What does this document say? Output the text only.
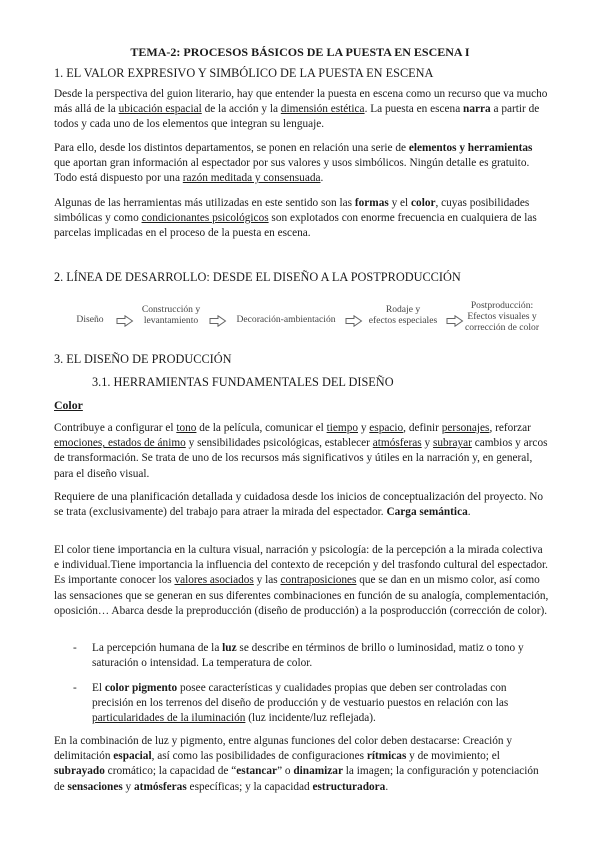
TEMA-2: PROCESOS BÁSICOS DE LA PUESTA EN ESCENA I
1. EL VALOR EXPRESIVO Y SIMBÓLICO DE LA PUESTA EN ESCENA

Desde la perspectiva del guion literario, hay que entender la puesta en escena como un recurso que va mucho más allá de la ubicación espacial de la acción y la dimensión estética. La puesta en escena narra a partir de todos y cada uno de los elementos que integran su lenguaje.

Para ello, desde los distintos departamentos, se ponen en relación una serie de elementos y herramientas que aportan gran información al espectador por sus valores y usos simbólicos. Ningún detalle es gratuito. Todo está dispuesto por una razón meditada y consensuada.

Algunas de las herramientas más utilizadas en este sentido son las formas y el color, cuyas posibilidades simbólicas y como condicionantes psicológicos son explotados con enorme frecuencia en cualquiera de las parcelas implicadas en el proceso de la puesta en escena.

2. LÍNEA DE DESARROLLO: DESDE EL DISEÑO A LA POSTPRODUCCIÓN
Diseño
Construcción y
levantamiento	Decoración-ambientación
Rodaje y
efectos especiales
Postproducción:
Efectos visuales y
corrección de color
3. EL DISEÑO DE PRODUCCIÓN
3.1. HERRAMIENTAS FUNDAMENTALES DEL DISEÑO
Color

Contribuye a configurar el tono de la película, comunicar el tiempo y espacio, definir personajes, reforzar emociones, estados de ánimo y sensibilidades psicológicas, establecer atmósferas y subrayar cambios y arcos de transformación. Se trata de uno de los recursos más significativos y útiles en la narración y, en general, para el diseño visual.

Requiere de una planificación detallada y cuidadosa desde los inicios de conceptualización del proyecto. No se trata (exclusivamente) del trabajo para atraer la mirada del espectador. Carga semántica.

El color tiene importancia en la cultura visual, narración y psicología: de la percepción a la mirada colectiva e individual.Tiene importancia la influencia del contexto de recepción y del trasfondo cultural del espectador. Es importante conocer los valores asociados y las contraposiciones que se dan en un mismo color, así como las sensaciones que se generan en sus diferentes combinaciones en función de su analogía, complementación, oposición… Abarca desde la preproducción (diseño de producción) a la posproducción (corrección de color).

- La percepción humana de la luz se describe en términos de brillo o luminosidad, matiz o tono y saturación o intensidad. La temperatura de color.

- El color pigmento posee características y cualidades propias que deben ser controladas con precisión en los terrenos del diseño de producción y de vestuario puestos en relación con las particularidades de la iluminación (luz incidente/luz reflejada).

En la combinación de luz y pigmento, entre algunas funciones del color deben destacarse: Creación y delimitación espacial, así como las posibilidades de configuraciones rítmicas y de movimiento; el subrayado cromático; la capacidad de “estancar” o dinamizar la imagen; la configuración y potenciación de sensaciones y atmósferas específicas; y la capacidad estructuradora.
